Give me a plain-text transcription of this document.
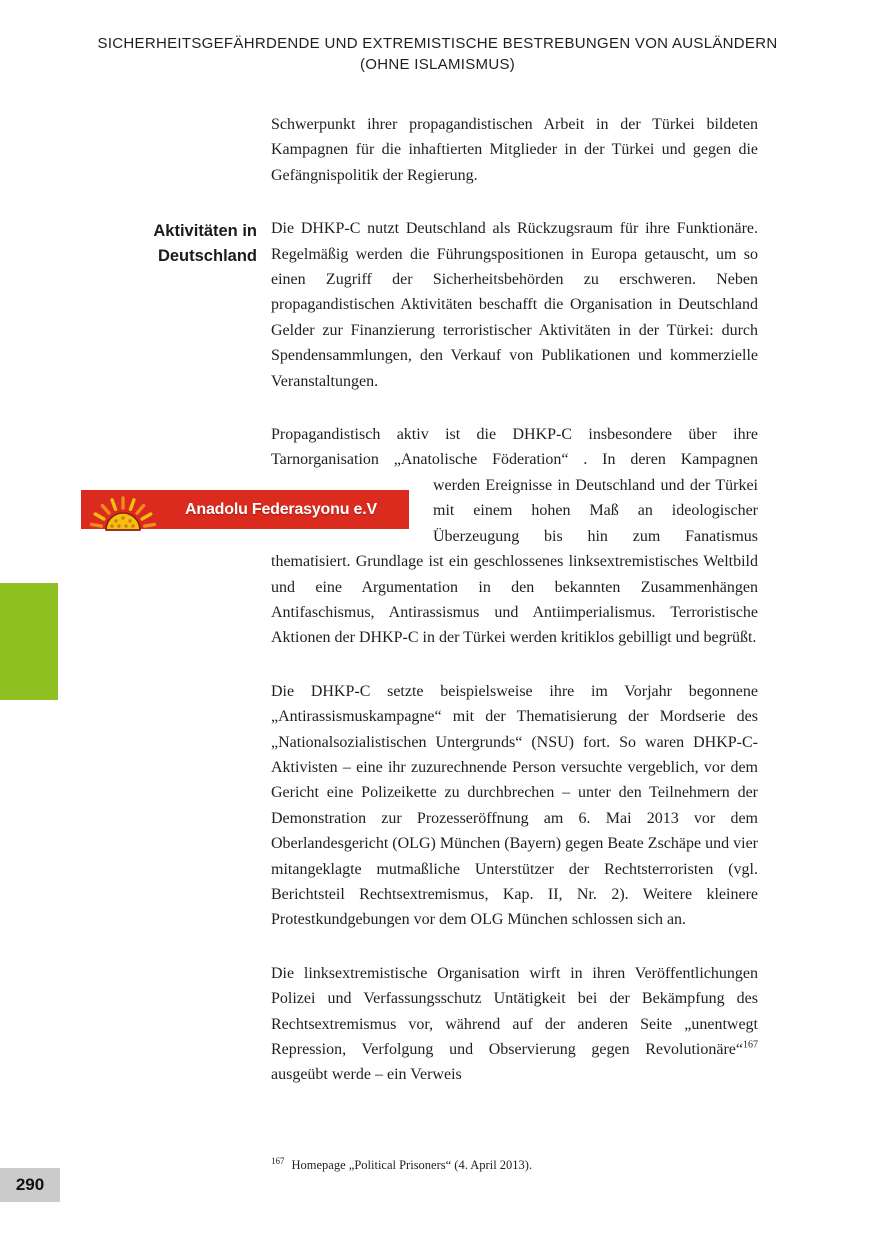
SICHERHEITSGEFÄHRDENDE UND EXTREMISTISCHE BESTREBUNGEN VON AUSLÄNDERN
(OHNE ISLAMISMUS)
Aktivitäten in
Deutschland
Schwerpunkt ihrer propagandistischen Arbeit in der Türkei bildeten Kampagnen für die inhaftierten Mitglieder in der Türkei und gegen die Gefängnispolitik der Regierung.
Die DHKP-C nutzt Deutschland als Rückzugsraum für ihre Funktionäre. Regelmäßig werden die Führungspositionen in Europa getauscht, um so einen Zugriff der Sicherheitsbehörden zu erschweren. Neben propagandistischen Aktivitäten beschafft die Organisation in Deutschland Gelder zur Finanzierung terroristischer Aktivitäten in der Türkei: durch Spendensammlungen, den Verkauf von Publikationen und kommerzielle Veranstaltungen.
Propagandistisch aktiv ist die DHKP-C insbesondere über ihre Tarnorganisation „Anatolische Föderation“ . In deren Kampagnen
Anadolu Federasyonu e.V
werden Ereignisse in Deutschland und der Türkei mit einem hohen Maß an ideologischer Überzeugung bis hin zum Fanatismus thematisiert. Grundlage ist ein geschlossenes linksextremistisches Weltbild und eine Argumentation in den bekannten Zusammenhängen Antifaschismus, Antirassismus und Antiimperialismus. Terroristische Aktionen der DHKP-C in der Türkei werden kritiklos gebilligt und begrüßt.
Die DHKP-C setzte beispielsweise ihre im Vorjahr begonnene „Antirassismuskampagne“ mit der Thematisierung der Mordserie des „Nationalsozialistischen Untergrunds“ (NSU) fort. So waren DHKP-C-Aktivisten – eine ihr zuzurechnende Person versuchte vergeblich, vor dem Gericht eine Polizeikette zu durchbrechen – unter den Teilnehmern der Demonstration zur Prozesseröffnung am 6. Mai 2013 vor dem Oberlandesgericht (OLG) München (Bayern) gegen Beate Zschäpe und vier mitangeklagte mutmaßliche Unterstützer der Rechtsterroristen (vgl. Berichtsteil Rechtsextremismus, Kap. II, Nr. 2). Weitere kleinere Protestkundgebungen vor dem OLG München schlossen sich an.
Die linksextremistische Organisation wirft in ihren Veröffentlichungen Polizei und Verfassungsschutz Untätigkeit bei der Bekämpfung des Rechtsextremismus vor, während auf der anderen Seite „unentwegt Repression, Verfolgung und Observierung gegen Revolutionäre“$^{167}$ ausgeübt werde – ein Verweis
$^{167}$ Homepage „Political Prisoners“ (4. April 2013).
290
